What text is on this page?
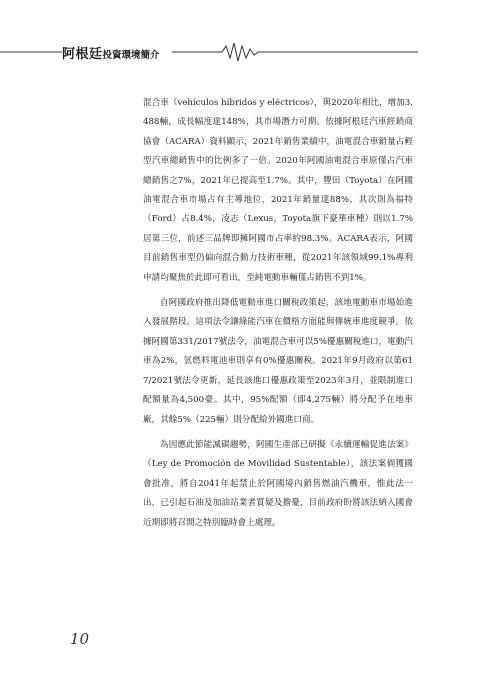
阿根廷投資環境簡介

混合車（vehículos híbridos y eléctricos），與2020年相比，增加3,488輛，成長幅度達148%，其市場潛力可期。依據阿根廷汽車經銷商協會（ACARA）資料顯示，2021年銷售業績中，油電混合車銷量占輕型汽車總銷售中的比例多了一倍。2020年阿國油電混合車原僅占汽車總銷售之7%，2021年已提高至1.7%。其中，豐田（Toyota）在阿國油電混合車市場占有主導地位，2021年銷量達88%，其次則為福特（Ford）占8.4%，凌志（Lexus，Toyota旗下豪華車種）則以1.7%居第三位，前述三品牌即擁阿國市占率約98.3%。ACARA表示，阿國目前銷售車型仍偏向混合動力技術車種，從2021年該領域99.1%專利申請均聚焦於此即可看出，至純電動車輛僅占銷售不到1%。

自阿國政府推出降低電動車進口關稅政策起，該地電動車市場始進入發展階段，這項法令讓綠能汽車在價格方面能與傳統車進度競爭。依據阿國第331/2017號法令，油電混合車可以5%優惠關稅進口，電動汽車為2%，氫燃料電池車則享有0%優惠關稅。2021年9月政府以第617/2021號法令更新，延長該進口優惠政策至2023年3月，並限制進口配額量為4,500臺。其中，95%配額（即4,275輛）將分配予在地車廠，其餘5%（225輛）則分配給外國進口商。

為因應此節能減碳趨勢，阿國生產部已研擬《永續運輸促進法案》（Ley de Promoción de Movilidad Sustentable），該法案倘獲國會批准，將自2041年起禁止於阿國境內銷售燃油汽機車，惟此法一出，已引起石油及加油站業者質疑及擔憂，目前政府盼將該法納入國會近期即將召開之特別臨時會上處理。

10
